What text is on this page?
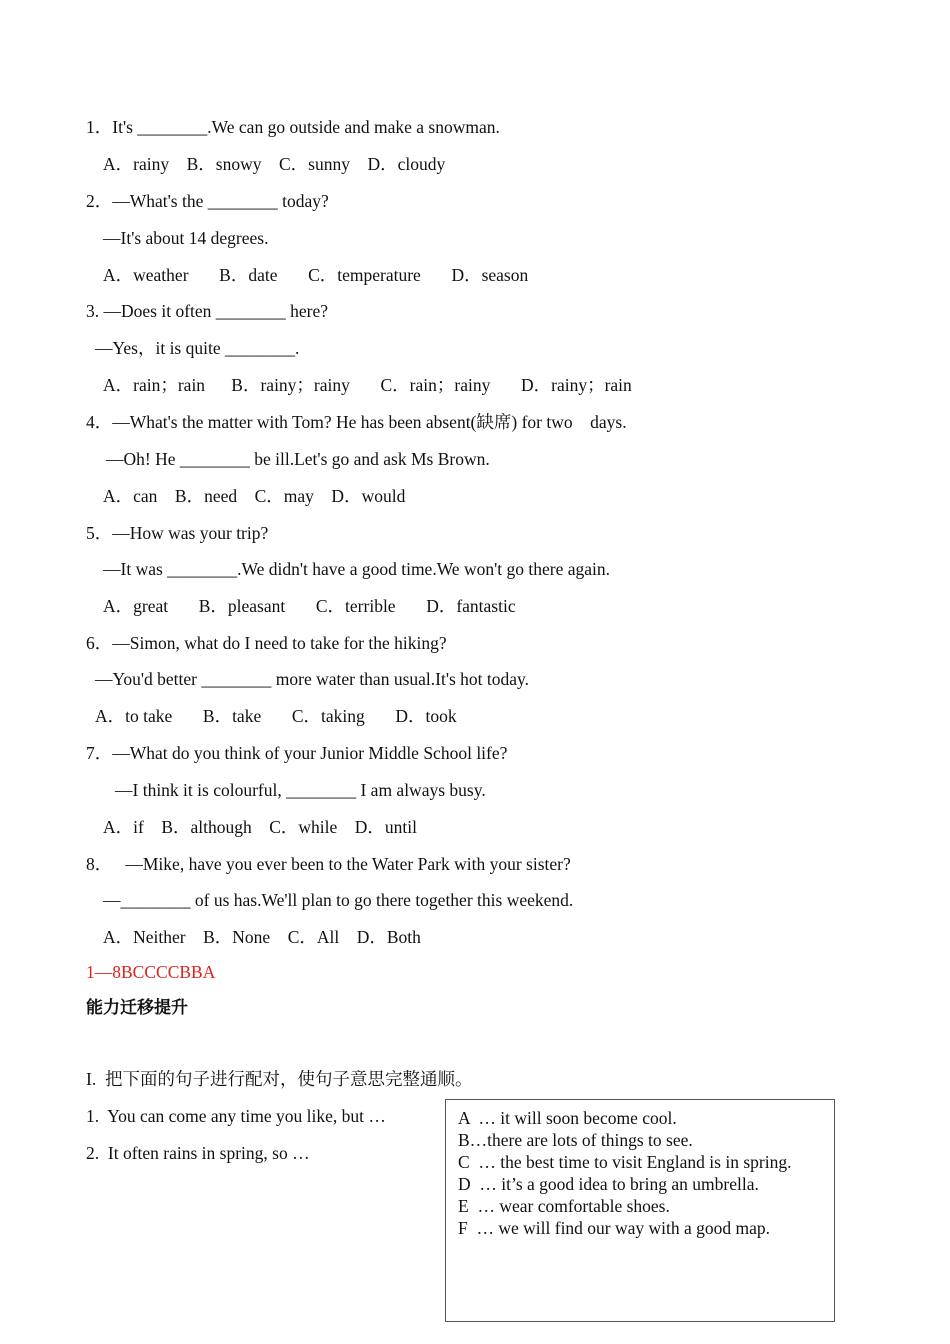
1．It's ________.We can go outside and make a snowman.
A．rainy    B．snowy    C．sunny    D．cloudy
2．—What's the ________ today?
—It's about 14 degrees.
A．weather       B．date       C．temperature       D．season
3. —Does it often ________ here?
—Yes，it is quite ________.
A．rain；rain      B．rainy；rainy       C．rain；rainy       D．rainy；rain
4．—What's the matter with Tom? He has been absent(缺席) for two    days.
—Oh! He ________ be ill.Let's go and ask Ms Brown.
A．can    B．need    C．may    D．would
5．—How was your trip?
—It was ________.We didn't have a good time.We won't go there again.
A．great       B．pleasant       C．terrible       D．fantastic
6．—Simon, what do I need to take for the hiking?
—You'd better ________ more water than usual.It's hot today.
A．to take       B．take       C．taking       D．took
7．—What do you think of your Junior Middle School life?
—I think it is colourful, ________ I am always busy.
A．if    B．although    C．while    D．until
8．   —Mike, have you ever been to the Water Park with your sister?
—________ of us has.We'll plan to go there together this weekend.
A．Neither    B．None    C．All    D．Both
1—8BCCCCBBA
能力迁移提升
I.  把下面的句子进行配对，使句子意思完整通顺。
1.  You can come any time you like, but …
2.  It often rains in spring, so …
A  … it will soon become cool.
B…there are lots of things to see.
C  … the best time to visit England is in spring.
D  … it’s a good idea to bring an umbrella.
E  … wear comfortable shoes.
F  … we will find our way with a good map.
